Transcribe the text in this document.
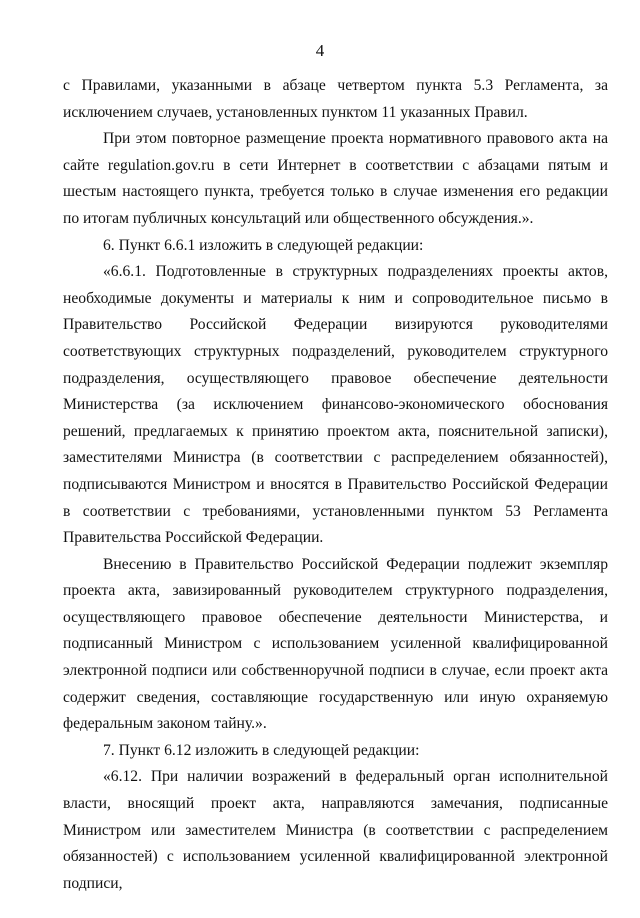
4

с Правилами, указанными в абзаце четвертом пункта 5.3 Регламента, за исключением случаев, установленных пунктом 11 указанных Правил.

При этом повторное размещение проекта нормативного правового акта на сайте regulation.gov.ru в сети Интернет в соответствии с абзацами пятым и шестым настоящего пункта, требуется только в случае изменения его редакции по итогам публичных консультаций или общественного обсуждения.».

6. Пункт 6.6.1 изложить в следующей редакции:

«6.6.1. Подготовленные в структурных подразделениях проекты актов, необходимые документы и материалы к ним и сопроводительное письмо в Правительство Российской Федерации визируются руководителями соответствующих структурных подразделений, руководителем структурного подразделения, осуществляющего правовое обеспечение деятельности Министерства (за исключением финансово-экономического обоснования решений, предлагаемых к принятию проектом акта, пояснительной записки), заместителями Министра (в соответствии с распределением обязанностей), подписываются Министром и вносятся в Правительство Российской Федерации в соответствии с требованиями, установленными пунктом 53 Регламента Правительства Российской Федерации.

Внесению в Правительство Российской Федерации подлежит экземпляр проекта акта, завизированный руководителем структурного подразделения, осуществляющего правовое обеспечение деятельности Министерства, и подписанный Министром с использованием усиленной квалифицированной электронной подписи или собственноручной подписи в случае, если проект акта содержит сведения, составляющие государственную или иную охраняемую федеральным законом тайну.».

7. Пункт 6.12 изложить в следующей редакции:

«6.12. При наличии возражений в федеральный орган исполнительной власти, вносящий проект акта, направляются замечания, подписанные Министром или заместителем Министра (в соответствии с распределением обязанностей) с использованием усиленной квалифицированной электронной подписи,
